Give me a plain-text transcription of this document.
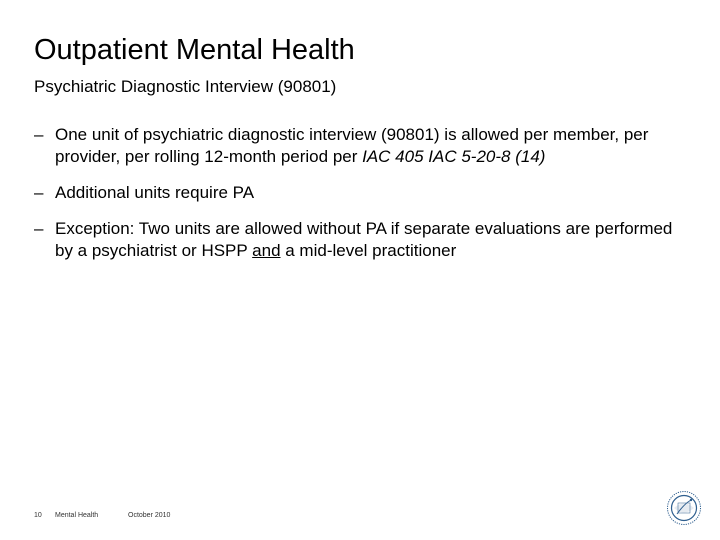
Outpatient Mental Health
Psychiatric Diagnostic Interview (90801)
– One unit of psychiatric diagnostic interview (90801) is allowed per member, per provider, per rolling 12-month period per IAC 405 IAC 5-20-8 (14)
– Additional units require PA
– Exception: Two units are allowed without PA if separate evaluations are performed by a psychiatrist or HSPP and a mid-level practitioner
10 Mental Health	October 2010
